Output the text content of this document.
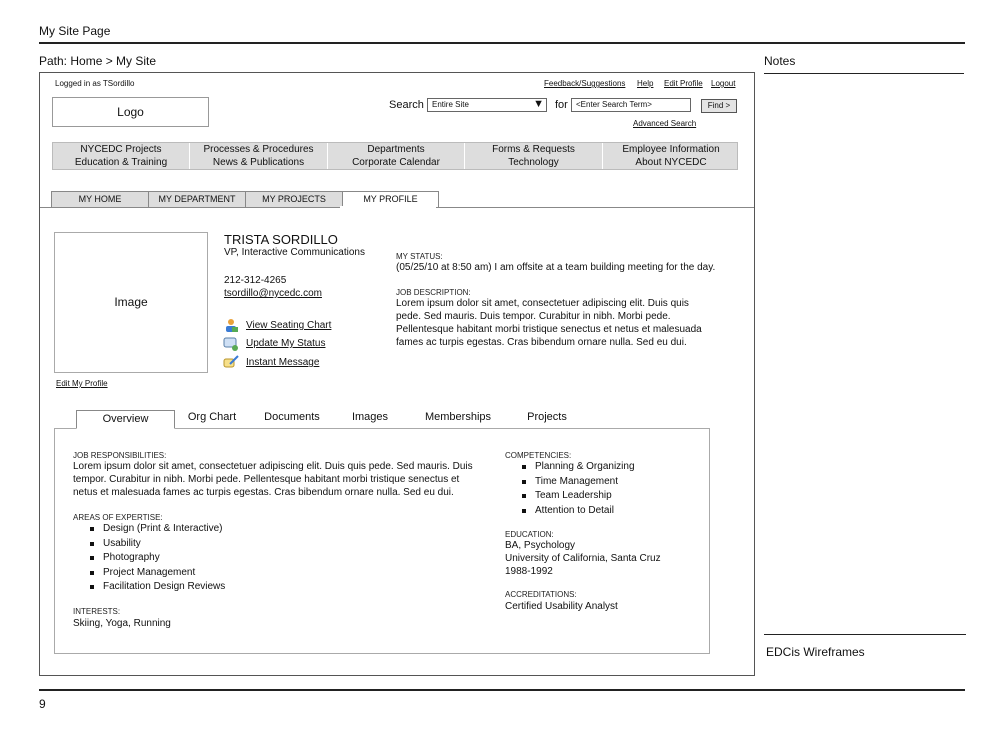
My Site Page
Path: Home > My Site	Notes
EDCis Wireframes
9
Logged in as TSordillo	Feedback/Suggestions Help Edit Profile Logout
Logo	Search	Entire Site	▼ for	<Enter Search Term>	Find >
Advanced Search
NYCEDC Projects	Processes & Procedures	Departments	Forms & Requests	Employee Information
Education & Training	News & Publications	Corporate Calendar	Technology	About NYCEDC
MY HOME	MY DEPARTMENT	MY PROJECTS	MY PROFILE
Image
Edit My Profile
TRISTA SORDILLO
VP, Interactive Communications
212-312-4265
tsordillo@nycedc.com
View Seating Chart
Update My Status
Instant Message
MY STATUS:
(05/25/10 at 8:50 am) I am offsite at a team building meeting for the day.
JOB DESCRIPTION:
Lorem ipsum dolor sit amet, consectetuer adipiscing elit. Duis quis pede. Sed mauris. Duis tempor. Curabitur in nibh. Morbi pede. Pellentesque habitant morbi tristique senectus et netus et malesuada fames ac turpis egestas. Cras bibendum ornare nulla. Sed eu dui.
Overview	Org Chart	Documents	Images	Memberships	Projects
JOB RESPONSIBILITIES:
Lorem ipsum dolor sit amet, consectetuer adipiscing elit. Duis quis pede. Sed mauris. Duis tempor. Curabitur in nibh. Morbi pede. Pellentesque habitant morbi tristique senectus et netus et malesuada fames ac turpis egestas. Cras bibendum ornare nulla. Sed eu dui.
AREAS OF EXPERTISE:
Design (Print & Interactive)
Usability
Photography
Project Management
Facilitation Design Reviews
INTERESTS:
Skiing, Yoga, Running
COMPETENCIES:
Planning & Organizing
Time Management
Team Leadership
Attention to Detail
EDUCATION:
BA, Psychology
University of California, Santa Cruz
1988-1992
ACCREDITATIONS:
Certified Usability Analyst
